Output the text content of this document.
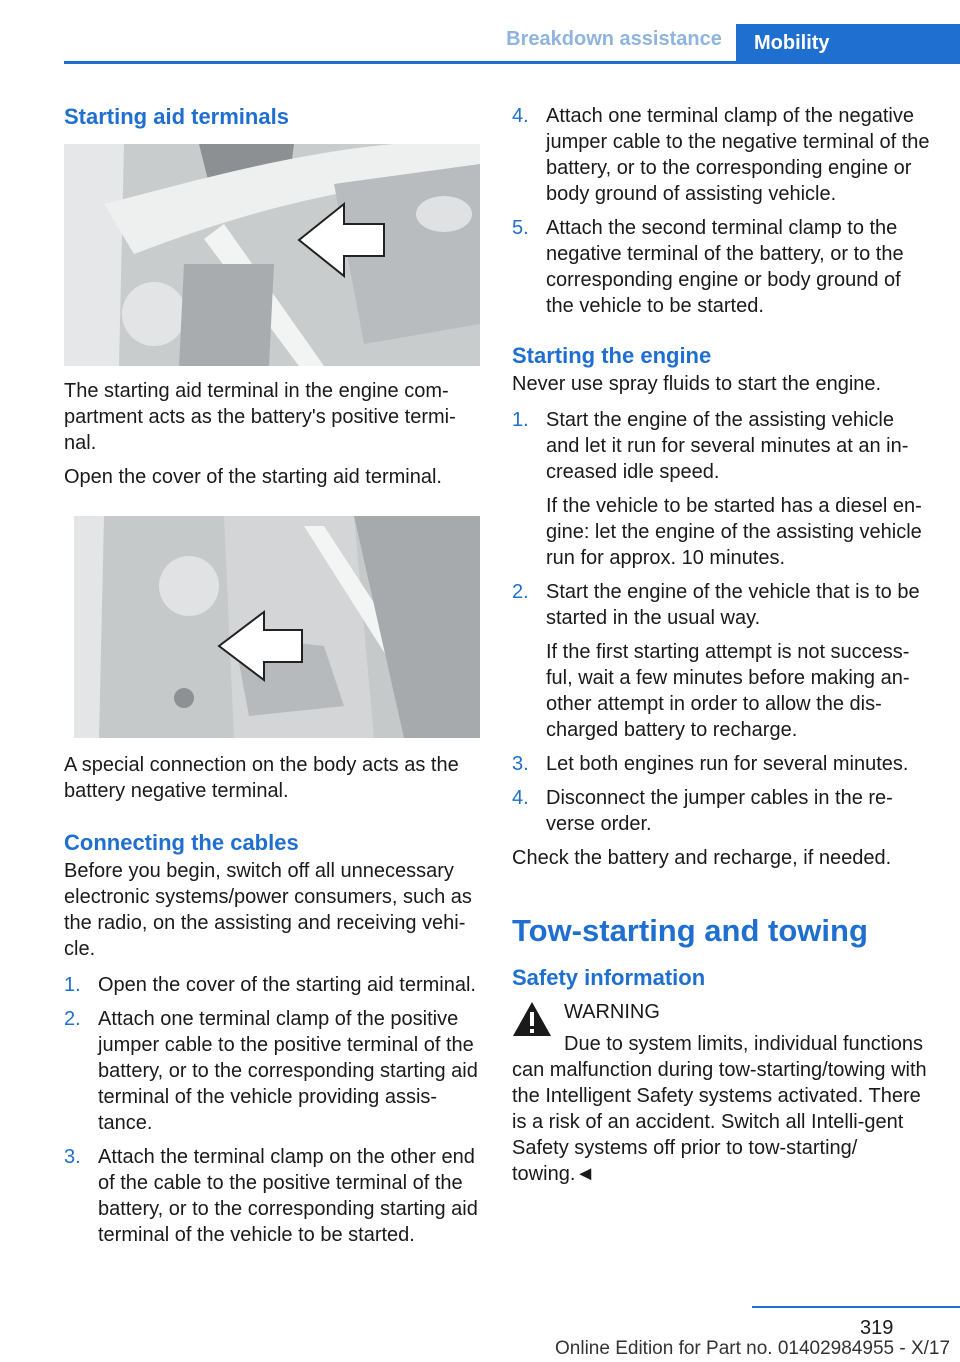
Breakdown assistance	Mobility
Starting aid terminals

The starting aid terminal in the engine com-partment acts as the battery's positive termi-nal.

Open the cover of the starting aid terminal.

A special connection on the body acts as the battery negative terminal.

Connecting the cables

Before you begin, switch off all unnecessary electronic systems/power consumers, such as the radio, on the assisting and receiving vehi-cle.

1. Open the cover of the starting aid terminal.

2. Attach one terminal clamp of the positive jumper cable to the positive terminal of the battery, or to the corresponding starting aid terminal of the vehicle providing assis-tance.

3. Attach the terminal clamp on the other end of the cable to the positive terminal of the battery, or to the corresponding starting aid terminal of the vehicle to be started.

4. Attach one terminal clamp of the negative jumper cable to the negative terminal of the battery, or to the corresponding engine or body ground of assisting vehicle.

5. Attach the second terminal clamp to the negative terminal of the battery, or to the corresponding engine or body ground of the vehicle to be started.

Starting the engine

Never use spray fluids to start the engine.

1. Start the engine of the assisting vehicle and let it run for several minutes at an in-creased idle speed.

If the vehicle to be started has a diesel en-gine: let the engine of the assisting vehicle run for approx. 10 minutes.

2. Start the engine of the vehicle that is to be started in the usual way.

If the first starting attempt is not success-ful, wait a few minutes before making an-other attempt in order to allow the dis-charged battery to recharge.

3. Let both engines run for several minutes.

4. Disconnect the jumper cables in the re-verse order.

Check the battery and recharge, if needed.

Tow-starting and towing
Safety information

WARNING

Due to system limits, individual functions

can malfunction during tow-starting/towing with the Intelligent Safety systems activated. There is a risk of an accident. Switch all Intelli-gent Safety systems off prior to tow-starting/ towing.◄

319
Online Edition for Part no. 01402984955 - X/17
